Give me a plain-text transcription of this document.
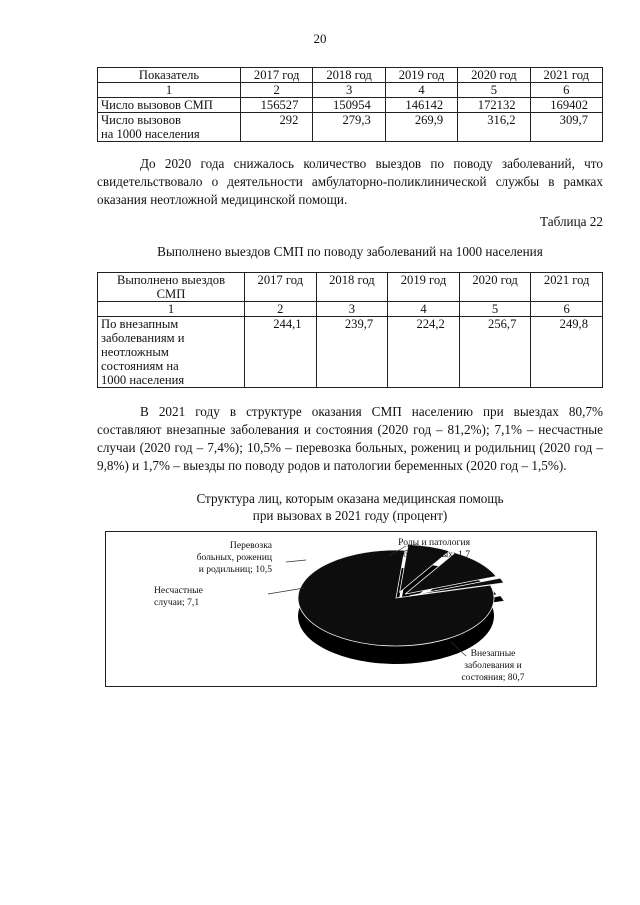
20
Показатель	2017 год	2018 год	2019 год	2020 год	2021 год
1	2	3	4	5	6
Число вызовов СМП	156527	150954	146142	172132	169402

Число вызовов
на 1000 населения	292	279,3	269,9	316,2	309,7
До 2020 года снижалось количество выездов по поводу заболеваний, что свидетельствовало о деятельности амбулаторно-поликлинической службы в рамках оказания неотложной медицинской помощи.
Таблица 22
Выполнено выездов СМП по поводу заболеваний на 1000 населения
Выполнено выездов
СМП	2017 год	2018 год	2019 год	2020 год	2021 год
1	2	3	4	5	6

По внезапным
заболеваниям и
неотложным
состояниям на
1000 населения	244,1	239,7	224,2	256,7	249,8
В 2021 году в структуре оказания СМП населению при выездах 80,7% составляют внезапные заболевания и состояния (2020 год – 81,2%); 7,1% – несчастные случаи (2020 год – 7,4%); 10,5% – перевозка больных, рожениц и родильниц (2020 год – 9,8%) и 1,7% – выезды по поводу родов и патологии беременных (2020 год – 1,5%).
Структура лиц, которым оказана медицинская помощь
при вызовах в 2021 году (процент)
Перевозка
больных, рожениц
и родильниц; 10,5
Несчастные
случаи; 7,1
Роды и патология
беременных; 1,7
Внезапные
заболевания и
состояния; 80,7
